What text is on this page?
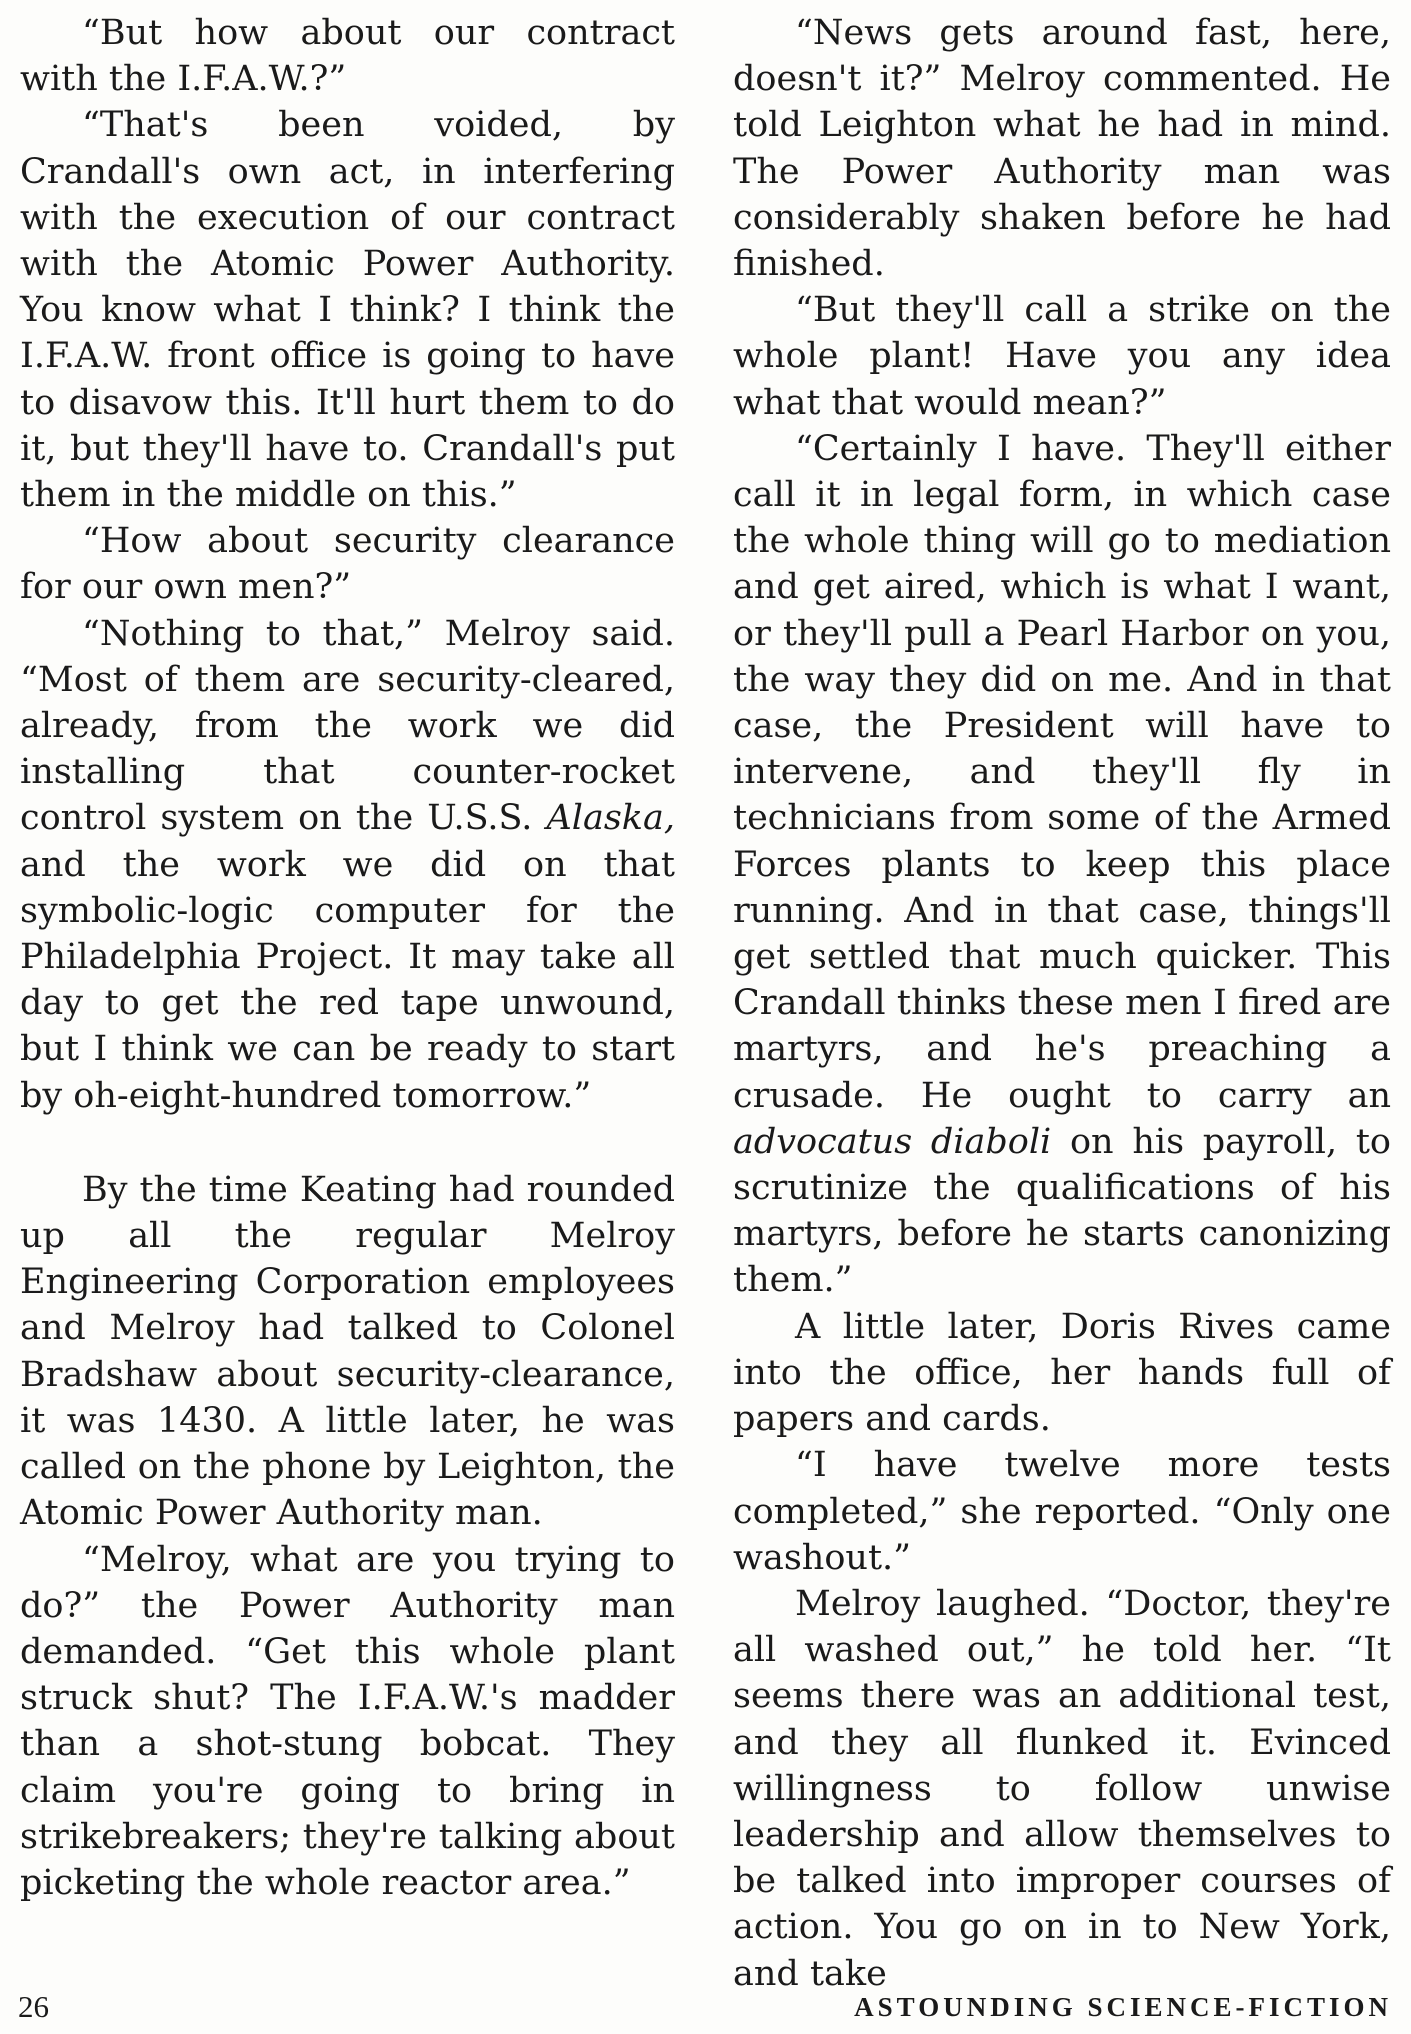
“But how about our contract with the I.F.A.W.?”

“That's been voided, by Crandall's own act, in interfering with the execution of our contract with the Atomic Power Authority. You know what I think? I think the I.F.A.W. front office is going to have to disavow this. It'll hurt them to do it, but they'll have to. Crandall's put them in the middle on this.”

“How about security clearance for our own men?”

“Nothing to that,” Melroy said. “Most of them are security-cleared, already, from the work we did installing that counter-rocket control system on the U.S.S. Alaska, and the work we did on that symbolic-logic computer for the Philadelphia Project. It may take all day to get the red tape unwound, but I think we can be ready to start by oh-eight-hundred tomorrow.”

By the time Keating had rounded up all the regular Melroy Engineering Corporation employees and Melroy had talked to Colonel Bradshaw about security-clearance, it was 1430. A little later, he was called on the phone by Leighton, the Atomic Power Authority man.

“Melroy, what are you trying to do?” the Power Authority man demanded. “Get this whole plant struck shut? The I.F.A.W.'s madder than a shot-stung bobcat. They claim you're going to bring in strikebreakers; they're talking about picketing the whole reactor area.”

“News gets around fast, here, doesn't it?” Melroy commented. He told Leighton what he had in mind. The Power Authority man was considerably shaken before he had finished.

“But they'll call a strike on the whole plant! Have you any idea what that would mean?”

“Certainly I have. They'll either call it in legal form, in which case the whole thing will go to mediation and get aired, which is what I want, or they'll pull a Pearl Harbor on you, the way they did on me. And in that case, the President will have to intervene, and they'll fly in technicians from some of the Armed Forces plants to keep this place running. And in that case, things'll get settled that much quicker. This Crandall thinks these men I fired are martyrs, and he's preaching a crusade. He ought to carry an advocatus diaboli on his payroll, to scrutinize the qualifications of his martyrs, before he starts canonizing them.”

A little later, Doris Rives came into the office, her hands full of papers and cards.

“I have twelve more tests completed,” she reported. “Only one washout.”

Melroy laughed. “Doctor, they're all washed out,” he told her. “It seems there was an additional test, and they all flunked it. Evinced willingness to follow unwise leadership and allow themselves to be talked into improper courses of action. You go on in to New York, and take

26	ASTOUNDING SCIENCE-FICTION
